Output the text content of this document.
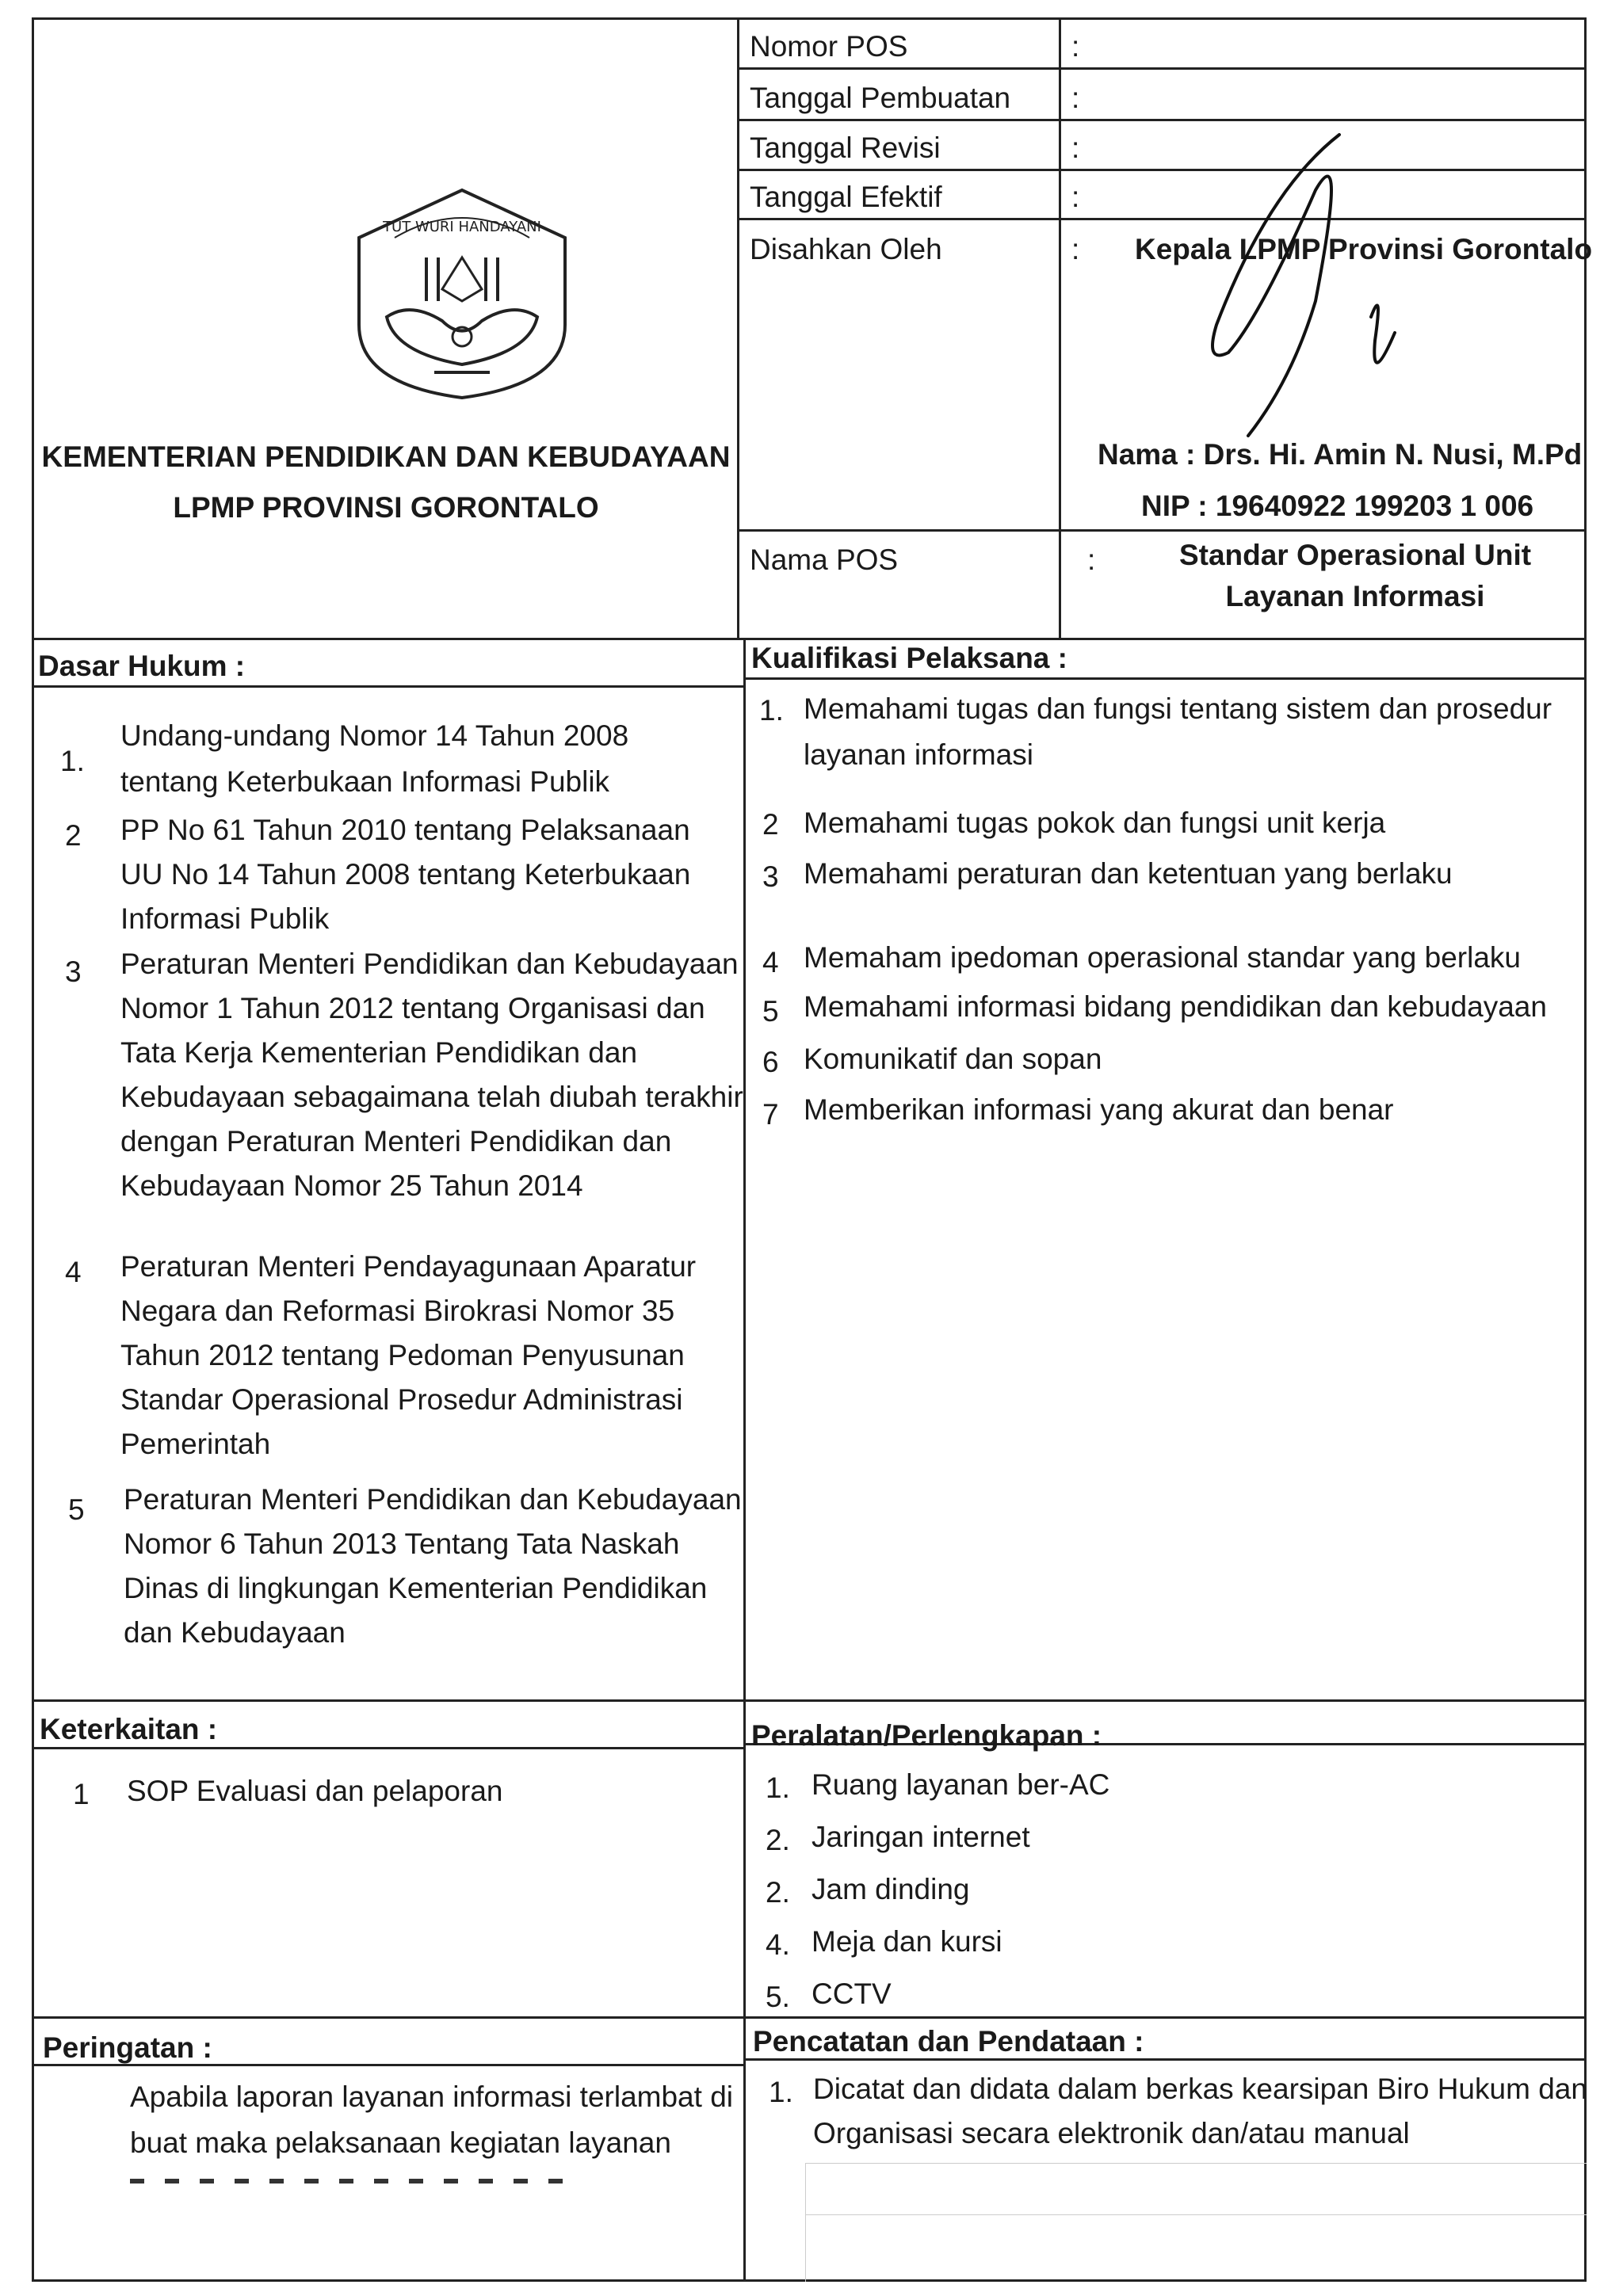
TUT WURI HANDAYANI
KEMENTERIAN PENDIDIKAN DAN KEBUDAYAAN
LPMP PROVINSI GORONTALO
Nomor POS	:
Tanggal Pembuatan :
Tanggal Revisi	:
Tanggal Efektif	:
Disahkan Oleh	: Kepala LPMP Provinsi Gorontalo
Nama : Drs. Hi. Amin N. Nusi, M.Pd
NIP : 19640922 199203 1 006
Nama POS	:	Standar Operasional Unit
Layanan Informasi
Dasar Hukum :
1.
Undang-undang Nomor 14 Tahun 2008
tentang Keterbukaan Informasi Publik
2 PP No 61 Tahun 2010 tentang Pelaksanaan
UU No 14 Tahun 2008 tentang Keterbukaan
Informasi Publik
3 Peraturan Menteri Pendidikan dan Kebudayaan
Nomor 1 Tahun 2012 tentang Organisasi dan
Tata Kerja Kementerian Pendidikan dan
Kebudayaan sebagaimana telah diubah terakhir
dengan Peraturan Menteri Pendidikan dan
Kebudayaan Nomor 25 Tahun 2014
4 Peraturan Menteri Pendayagunaan Aparatur
Negara dan Reformasi Birokrasi Nomor 35
Tahun 2012 tentang Pedoman Penyusunan
Standar Operasional Prosedur Administrasi
Pemerintah
5 Peraturan Menteri Pendidikan dan Kebudayaan
Nomor 6 Tahun 2013 Tentang Tata Naskah
Dinas di lingkungan Kementerian Pendidikan
dan Kebudayaan
Kualifikasi Pelaksana :
1. Memahami tugas dan fungsi tentang sistem dan prosedur
layanan informasi
2 Memahami tugas pokok dan fungsi unit kerja
3 Memahami peraturan dan ketentuan yang berlaku
4 Memaham ipedoman operasional standar yang berlaku
5 Memahami informasi bidang pendidikan dan kebudayaan
6 Komunikatif dan sopan
7 Memberikan informasi yang akurat dan benar
Keterkaitan :
1 SOP Evaluasi dan pelaporan
Peralatan/Perlengkapan :
1. Ruang layanan ber-AC
2. Jaringan internet
2. Jam dinding
4. Meja dan kursi
5. CCTV
Peringatan :
Apabila laporan layanan informasi terlambat di
buat maka pelaksanaan kegiatan layanan
Pencatatan dan Pendataan :
1. Dicatat dan didata dalam berkas kearsipan Biro Hukum dan
Organisasi secara elektronik dan/atau manual
